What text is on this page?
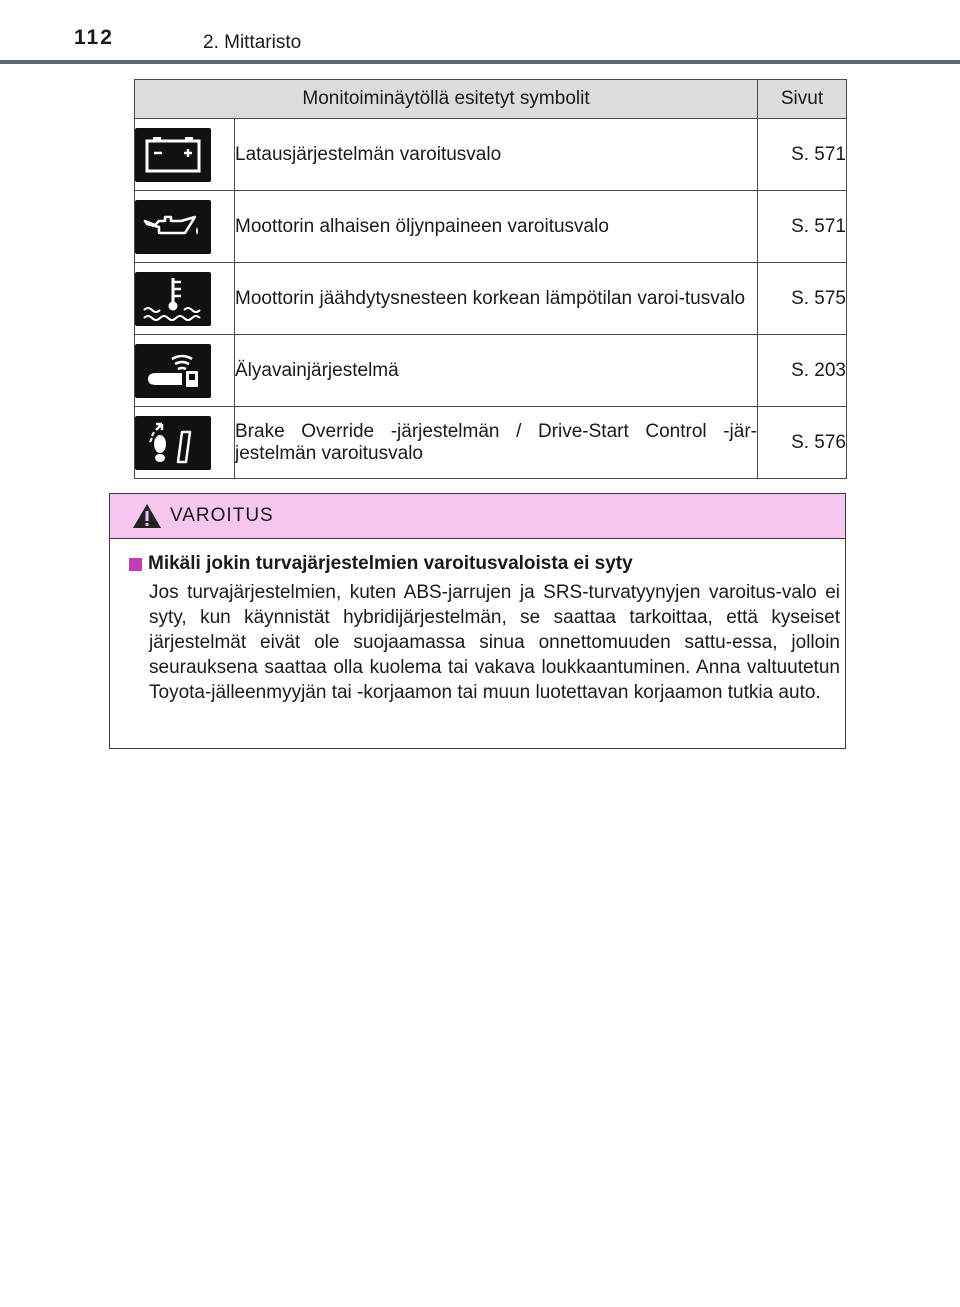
112	2. Mittaristo
Monitoiminäytöllä esitetyt symbolit		Sivut

	Latausjärjestelmän varoitusvalo	S. 571

	Moottorin alhaisen öljynpaineen varoitusvalo	S. 571

	Moottorin jäähdytysnesteen korkean lämpötilan varoi-tusvalo	S. 575

	Älyavainjärjestelmä	S. 203

	Brake Override -järjestelmän / Drive-Start Control -jär-jestelmän varoitusvalo	S. 576
VAROITUS
Mikäli jokin turvajärjestelmien varoitusvaloista ei syty
Jos turvajärjestelmien, kuten ABS-jarrujen ja SRS-turvatyynyjen varoitus-valo ei syty, kun käynnistät hybridijärjestelmän, se saattaa tarkoittaa, että kyseiset järjestelmät eivät ole suojaamassa sinua onnettomuuden sattu-essa, jolloin seurauksena saattaa olla kuolema tai vakava loukkaantuminen. Anna valtuutetun Toyota-jälleenmyyjän tai -korjaamon tai muun luotettavan korjaamon tutkia auto.
